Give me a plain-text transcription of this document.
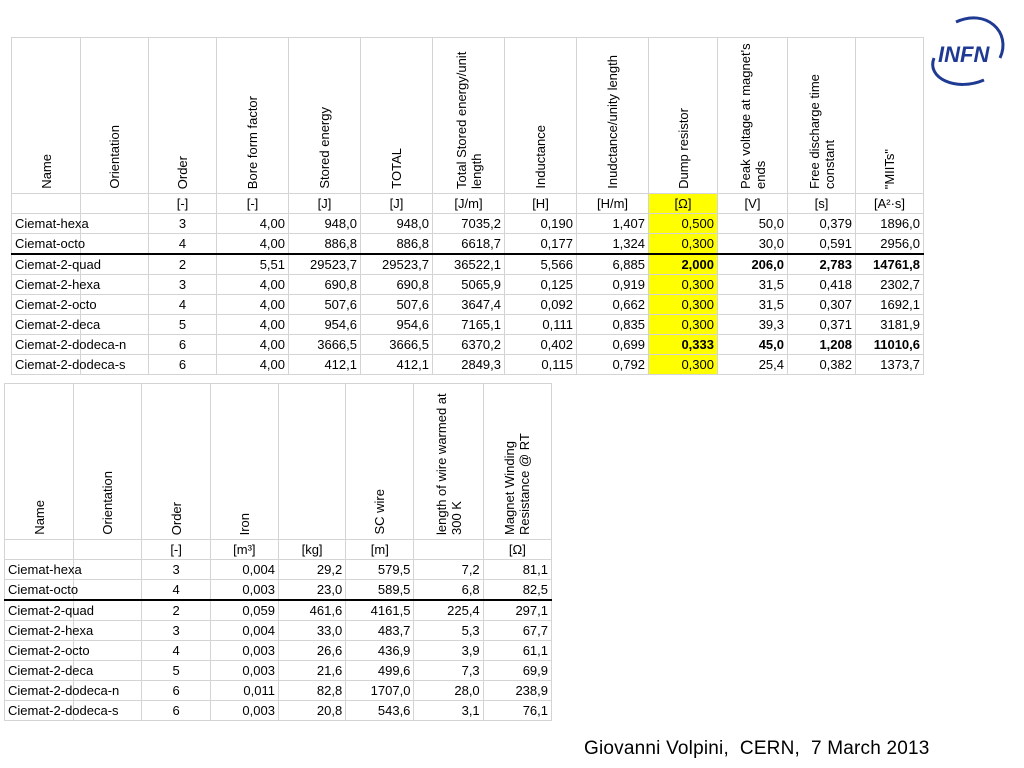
INFN
Name	Orientation	Order	Bore form factor	Stored energy	TOTAL	Total Stored energy/unit length	Inductance	Inudctance/unity length	Dump resistor	Peak voltage at magnet's ends	Free discharge time constant	"MIITs"

		[-]	[-]	[J]	[J]	[J/m]	[H]	[H/m]	[Ω]	[V]	[s]	[A²·s]
Ciemat-hexa		3	4,00	948,0	948,0	7035,2	0,190	1,407	0,500	50,0	0,379	1896,0
Ciemat-octo		4	4,00	886,8	886,8	6618,7	0,177	1,324	0,300	30,0	0,591	2956,0
Ciemat-2-quad		2	5,51	29523,7	29523,7	36522,1	5,566	6,885	2,000	206,0	2,783	14761,8
Ciemat-2-hexa		3	4,00	690,8	690,8	5065,9	0,125	0,919	0,300	31,5	0,418	2302,7
Ciemat-2-octo		4	4,00	507,6	507,6	3647,4	0,092	0,662	0,300	31,5	0,307	1692,1
Ciemat-2-deca		5	4,00	954,6	954,6	7165,1	0,111	0,835	0,300	39,3	0,371	3181,9
Ciemat-2-dodeca-n		6	4,00	3666,5	3666,5	6370,2	0,402	0,699	0,333	45,0	1,208	11010,6
Ciemat-2-dodeca-s		6	4,00	412,1	412,1	2849,3	0,115	0,792	0,300	25,4	0,382	1373,7
Name	Orientation	Order	Iron		SC wire	length of wire warmed at 300 K	Magnet Winding Resistance @ RT

		[-]	[m³]	[kg]	[m]		[Ω]
Ciemat-hexa		3	0,004	29,2	579,5	7,2	81,1
Ciemat-octo		4	0,003	23,0	589,5	6,8	82,5
Ciemat-2-quad		2	0,059	461,6	4161,5	225,4	297,1
Ciemat-2-hexa		3	0,004	33,0	483,7	5,3	67,7
Ciemat-2-octo		4	0,003	26,6	436,9	3,9	61,1
Ciemat-2-deca		5	0,003	21,6	499,6	7,3	69,9
Ciemat-2-dodeca-n		6	0,011	82,8	1707,0	28,0	238,9
Ciemat-2-dodeca-s		6	0,003	20,8	543,6	3,1	76,1
Giovanni Volpini,  CERN,  7 March 2013
